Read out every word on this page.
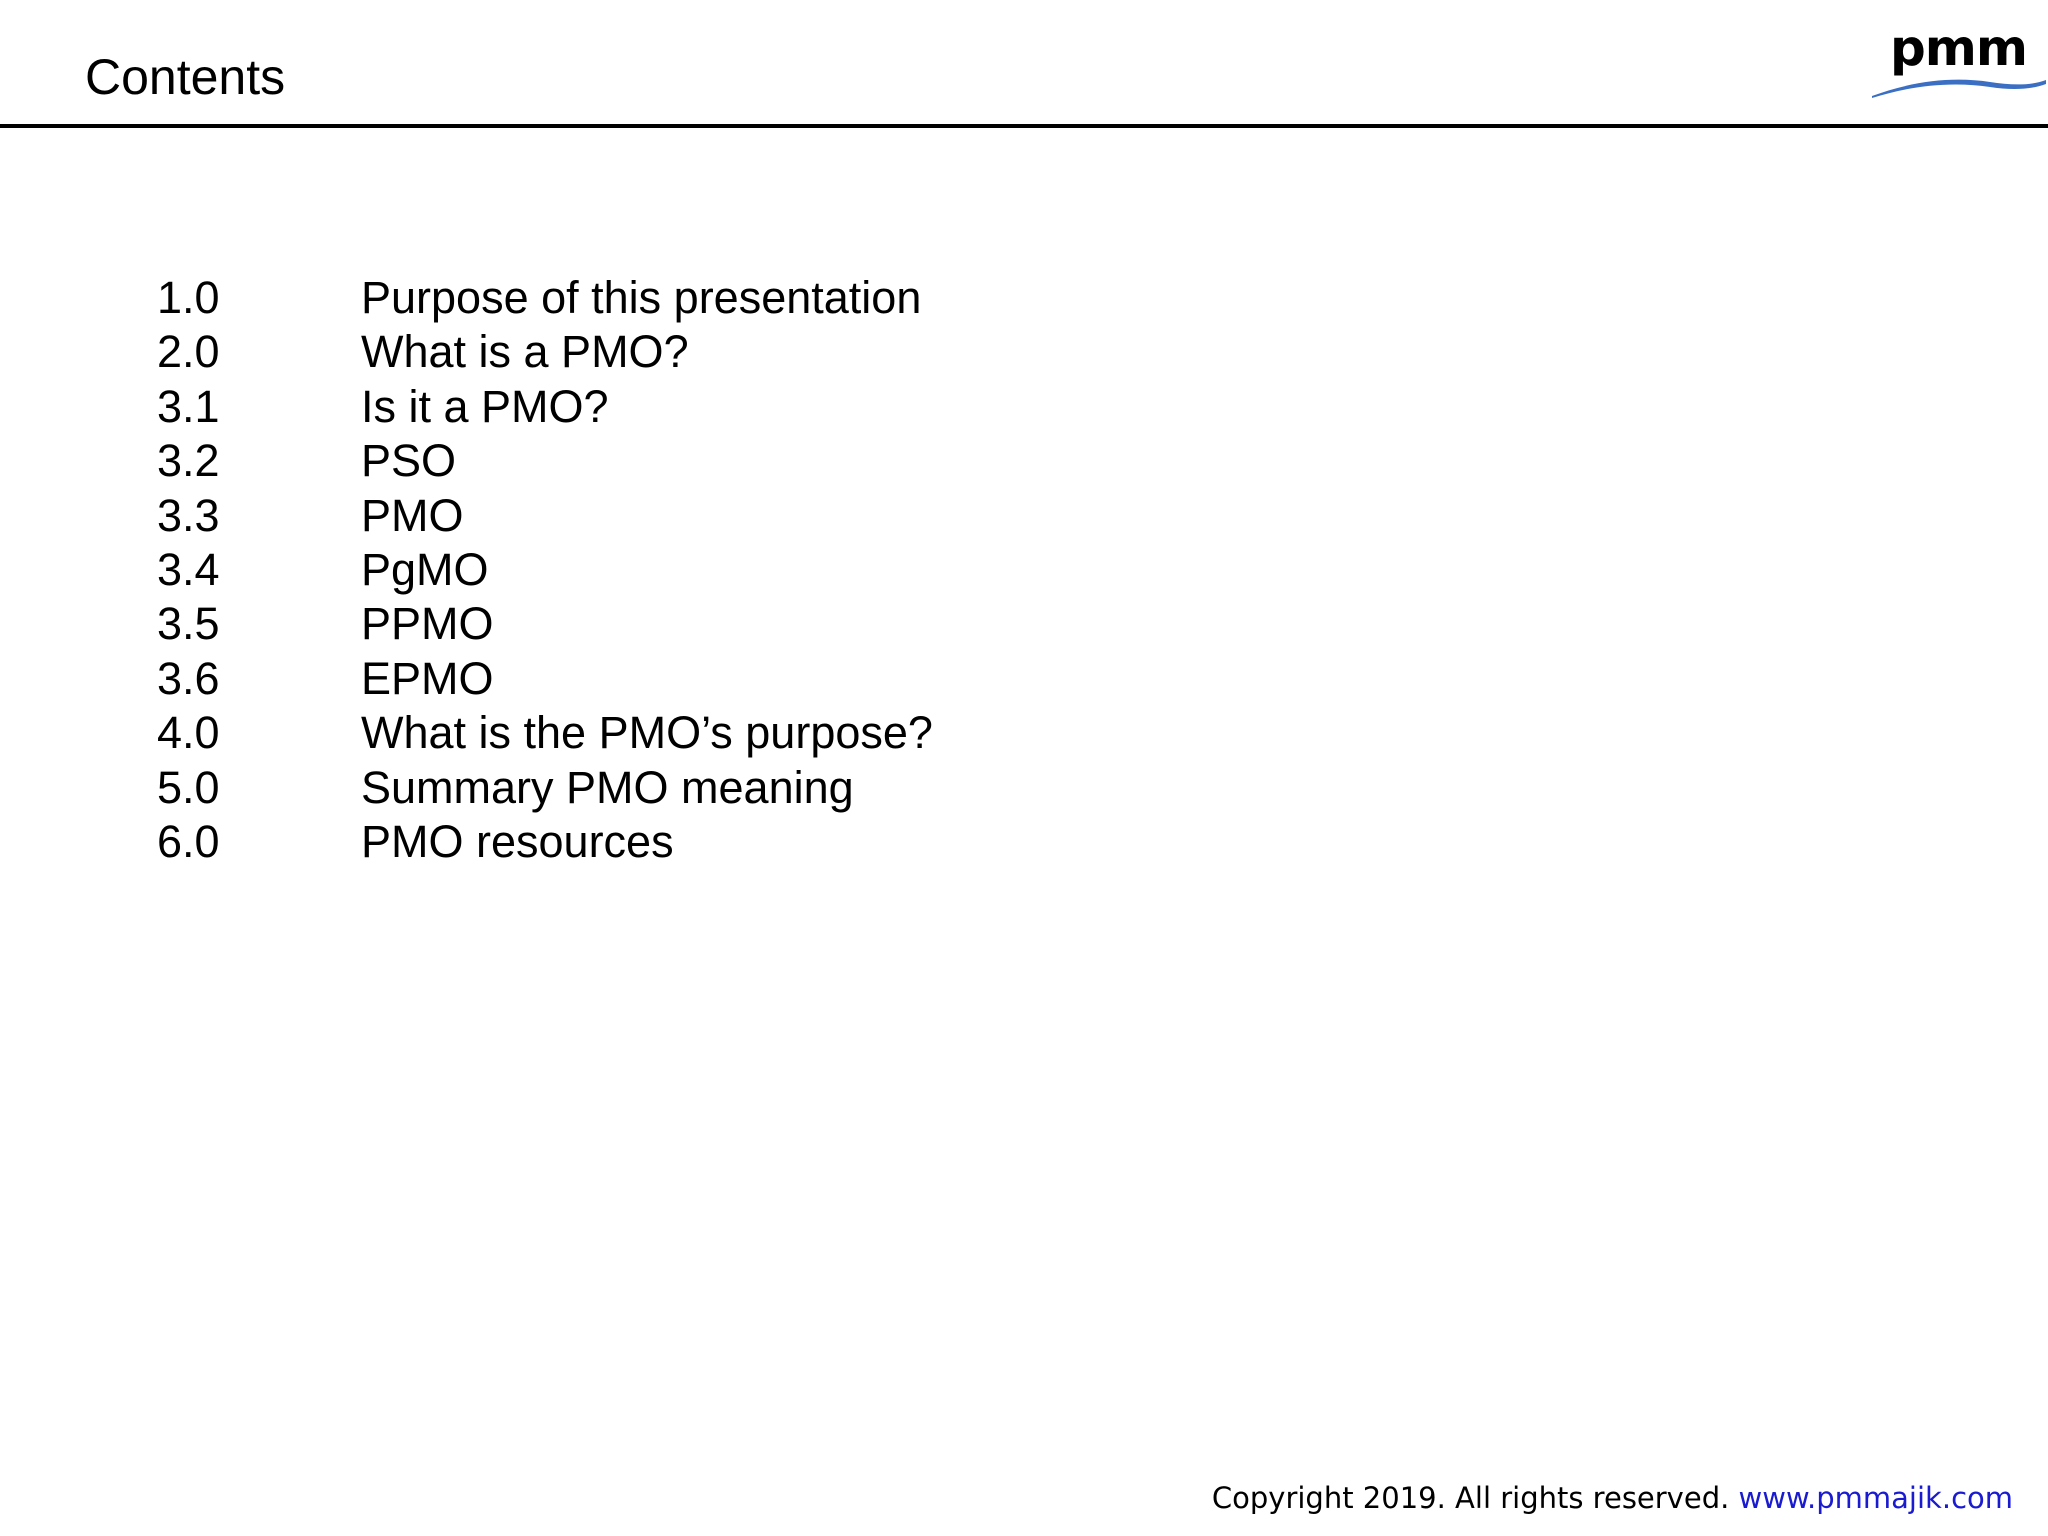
Contents	pmm
1.0	Purpose of this presentation
2.0	What is a PMO?
3.1	Is it a PMO?
3.2	PSO
3.3	PMO
3.4	PgMO
3.5	PPMO
3.6	EPMO
4.0	What is the PMO’s purpose?
5.0	Summary PMO meaning
6.0	PMO resources
Copyright 2019. All rights reserved. www.pmmajik.com
